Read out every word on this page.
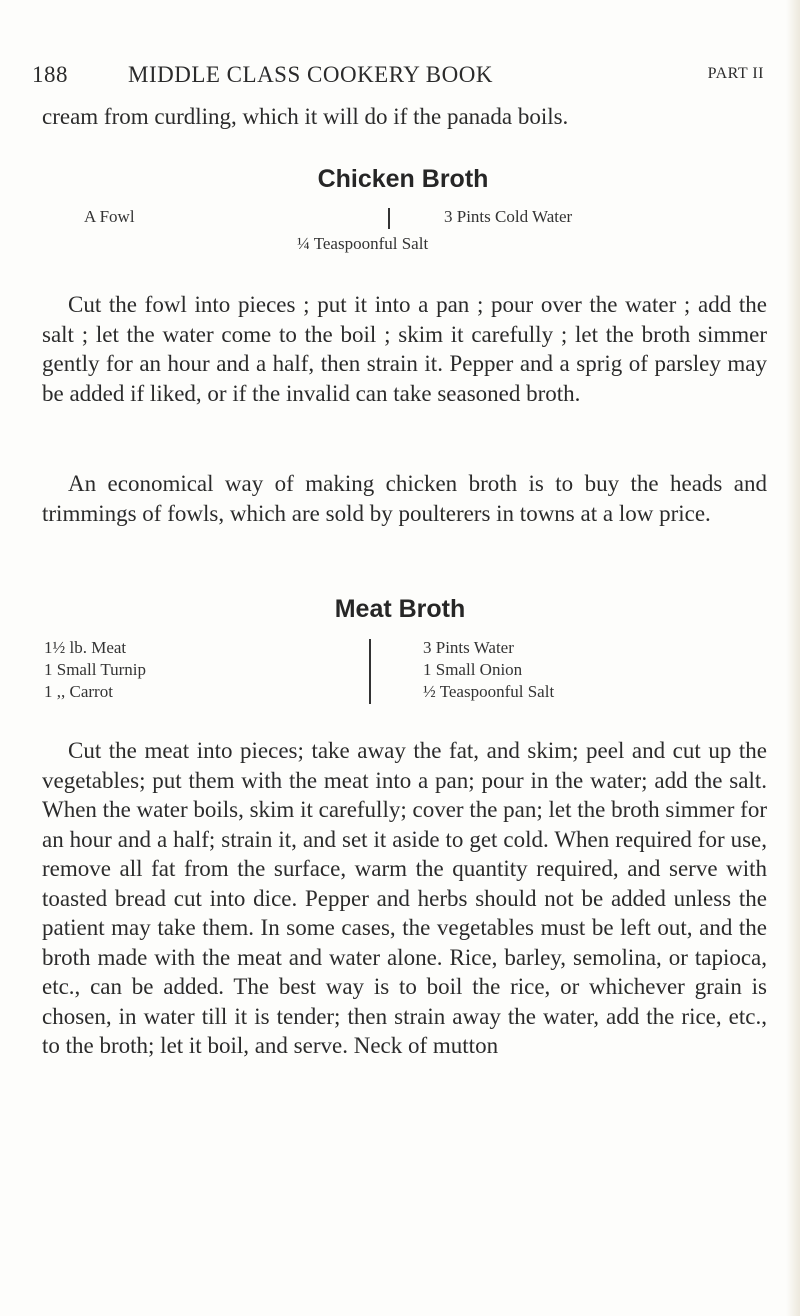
188	MIDDLE CLASS COOKERY BOOK	PART II

cream from curdling, which it will do if the panada boils.

Chicken Broth
A Fowl	3 Pints Cold Water
¼ Teaspoonful Salt

Cut the fowl into pieces ; put it into a pan ; pour over the water ; add the salt ; let the water come to the boil ; skim it carefully ; let the broth simmer gently for an hour and a half, then strain it. Pepper and a sprig of parsley may be added if liked, or if the invalid can take seasoned broth.

An economical way of making chicken broth is to buy the heads and trimmings of fowls, which are sold by poulterers in towns at a low price.

Meat Broth
1½ lb. Meat
1 Small Turnip
1 ,, Carrot
3 Pints Water
1 Small Onion
½ Teaspoonful Salt

Cut the meat into pieces; take away the fat, and skim; peel and cut up the vegetables; put them with the meat into a pan; pour in the water; add the salt. When the water boils, skim it carefully; cover the pan; let the broth simmer for an hour and a half; strain it, and set it aside to get cold. When required for use, remove all fat from the surface, warm the quantity required, and serve with toasted bread cut into dice. Pepper and herbs should not be added unless the patient may take them. In some cases, the vegetables must be left out, and the broth made with the meat and water alone. Rice, barley, semolina, or tapioca, etc., can be added. The best way is to boil the rice, or whichever grain is chosen, in water till it is tender; then strain away the water, add the rice, etc., to the broth; let it boil, and serve. Neck of mutton
